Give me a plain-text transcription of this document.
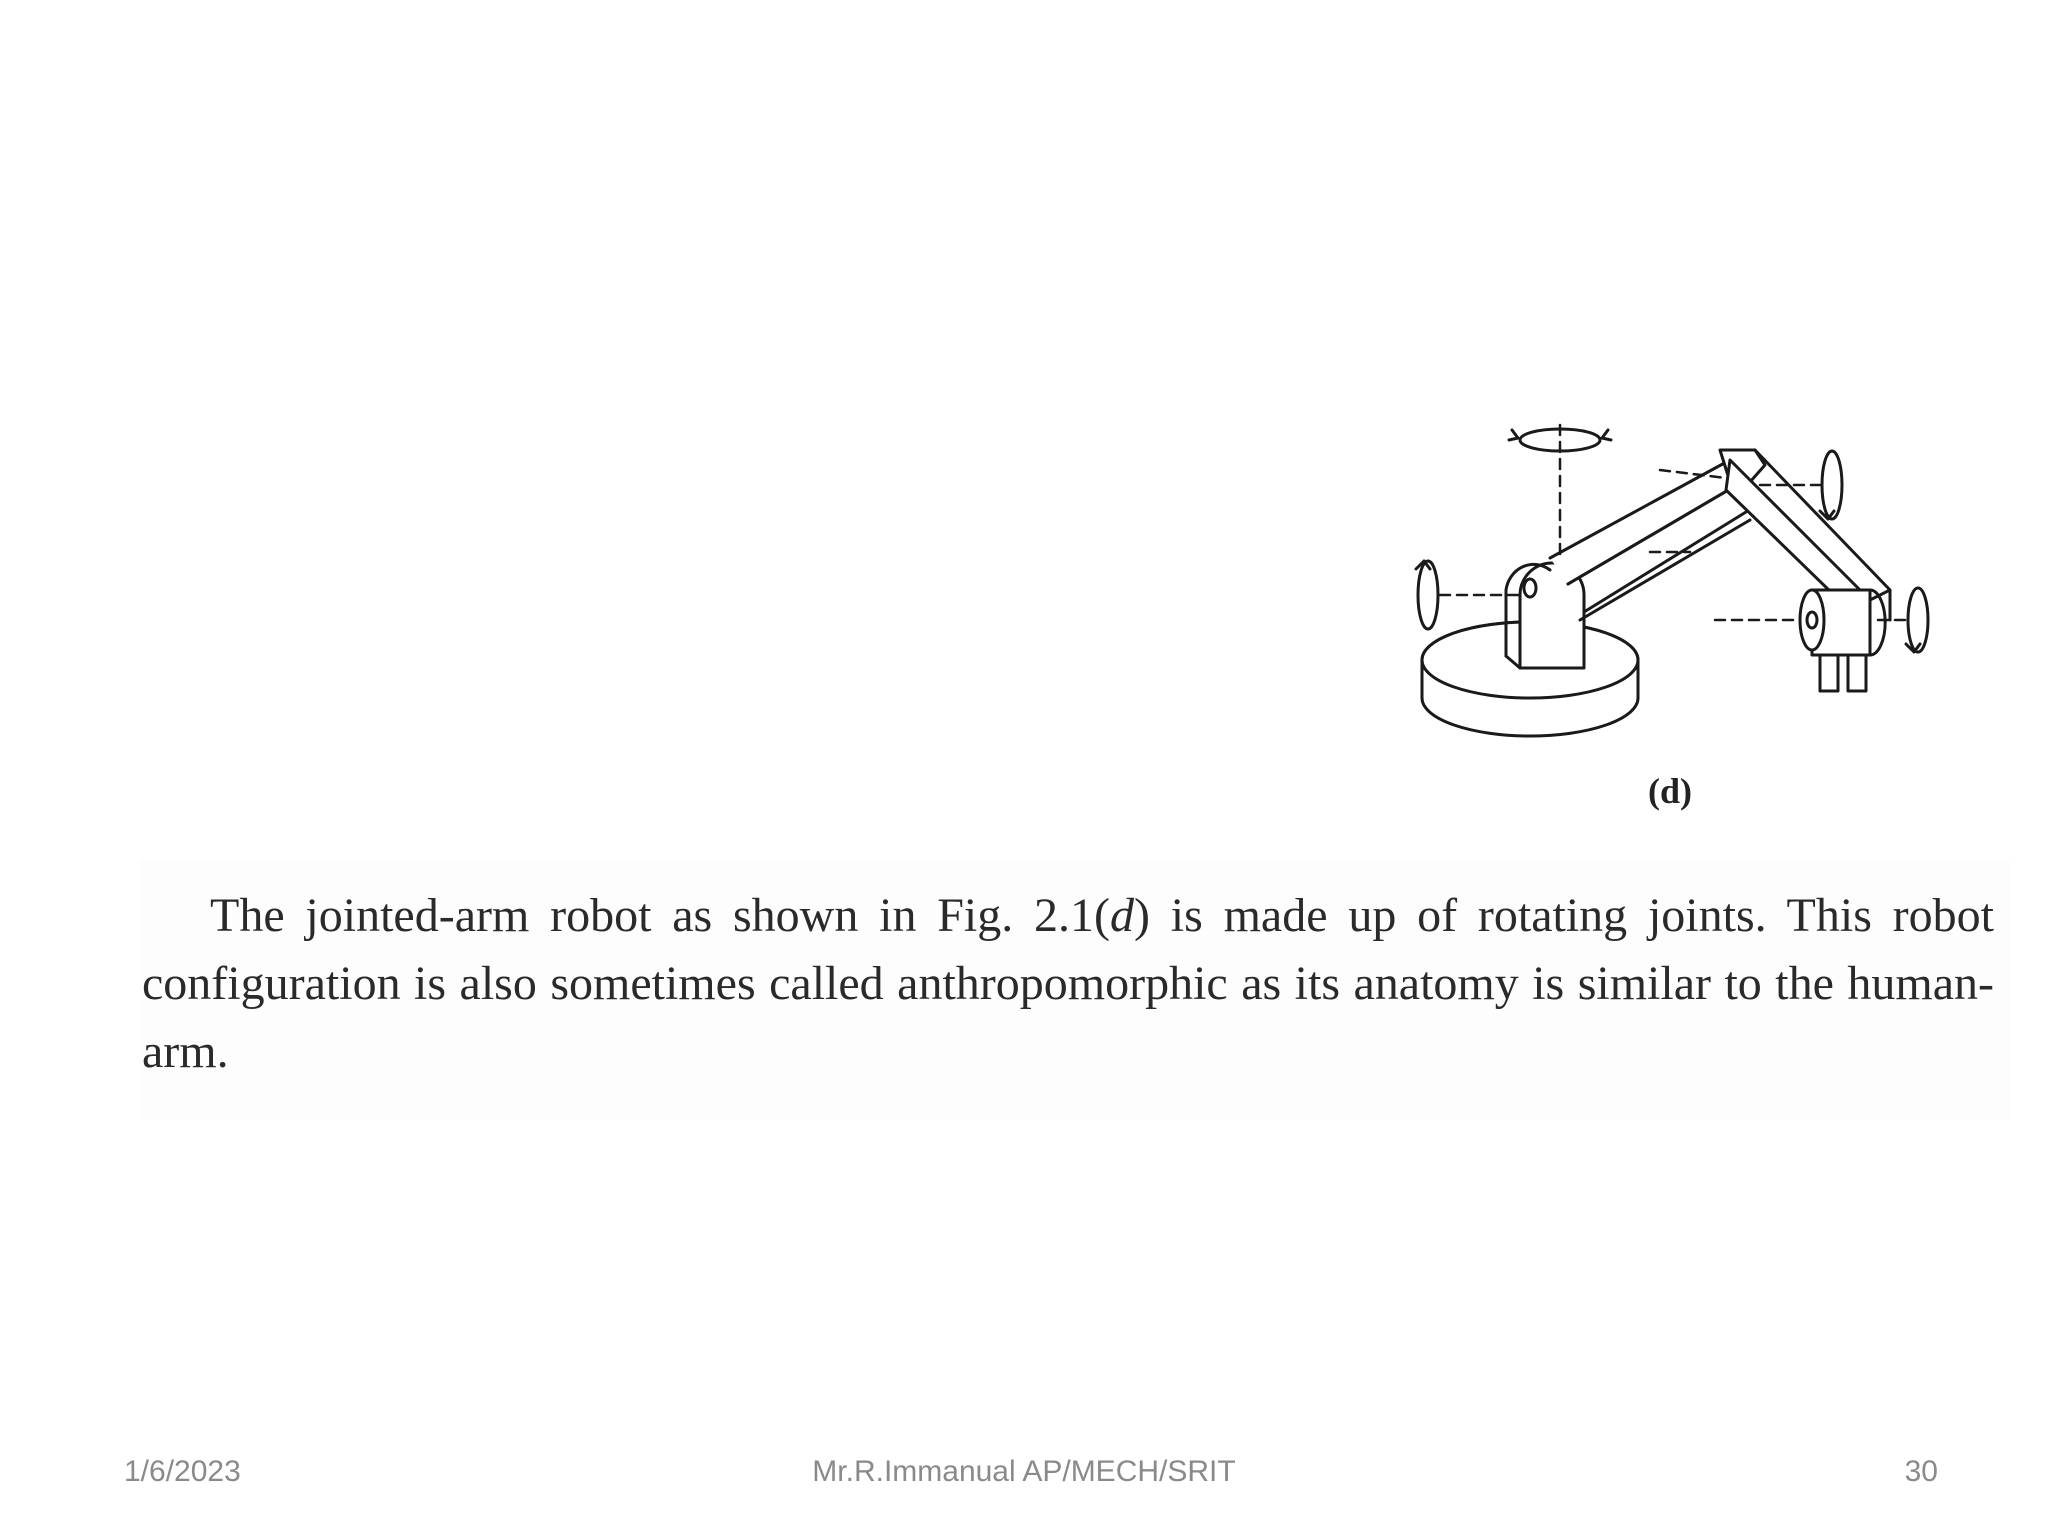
(d)

The jointed-arm robot as shown in Fig. 2.1(d) is made up of rotating joints. This robot configuration is also sometimes called anthropomorphic as its anatomy is similar to the human-arm.

1/6/2023	Mr.R.Immanual AP/MECH/SRIT	30
